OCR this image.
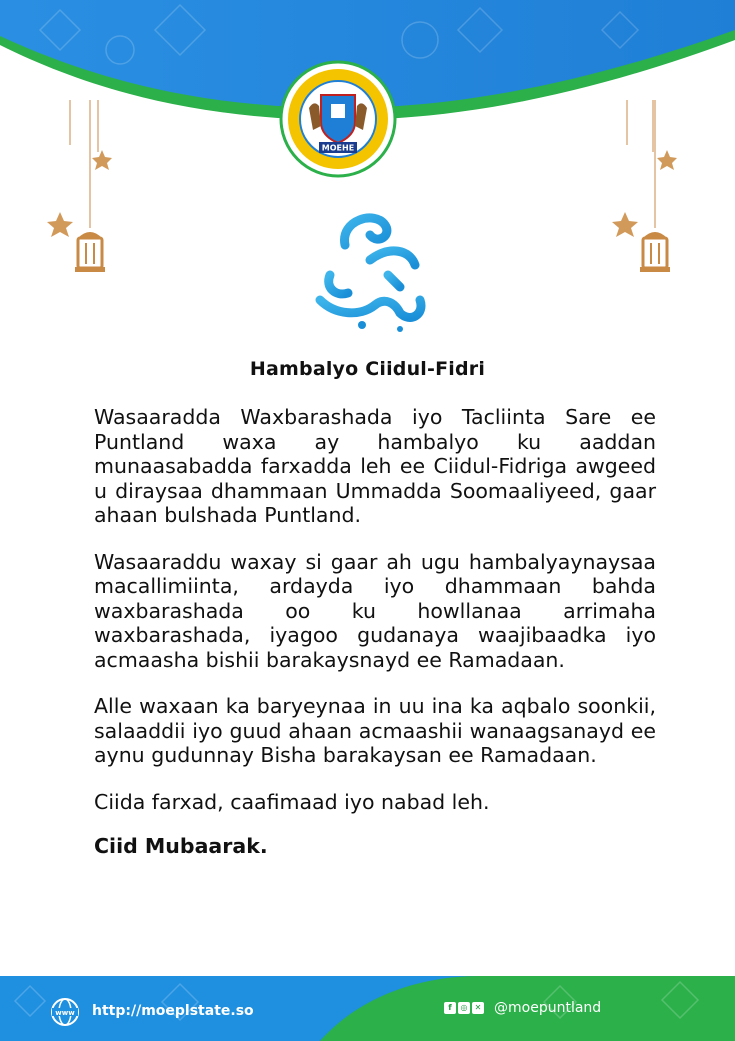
MOEHE
Hambalyo Ciidul-Fidri

Wasaaradda Waxbarashada iyo Tacliinta Sare ee Puntland waxa ay hambalyo ku aaddan munaasabadda farxadda leh ee Ciidul-Fidriga awgeed u diraysaa dhammaan Ummadda Soomaaliyeed, gaar ahaan bulshada Puntland.

Wasaaraddu waxay si gaar ah ugu hambalyaynaysaa macallimiinta, ardayda iyo dhammaan bahda waxbarashada oo ku howllanaa arrimaha waxbarashada, iyagoo gudanaya waajibaadka iyo acmaasha bishii barakaysnayd ee Ramadaan.

Alle waxaan ka baryeynaa in uu ina ka aqbalo soonkii, salaaddii iyo guud ahaan acmaashii wanaagsanayd ee aynu gudunnay Bisha barakaysan ee Ramadaan.

Ciida farxad, caafimaad iyo nabad leh.

Ciid Mubaarak.

www http://moeplstate.so	f	◎ ✕ @moepuntland
